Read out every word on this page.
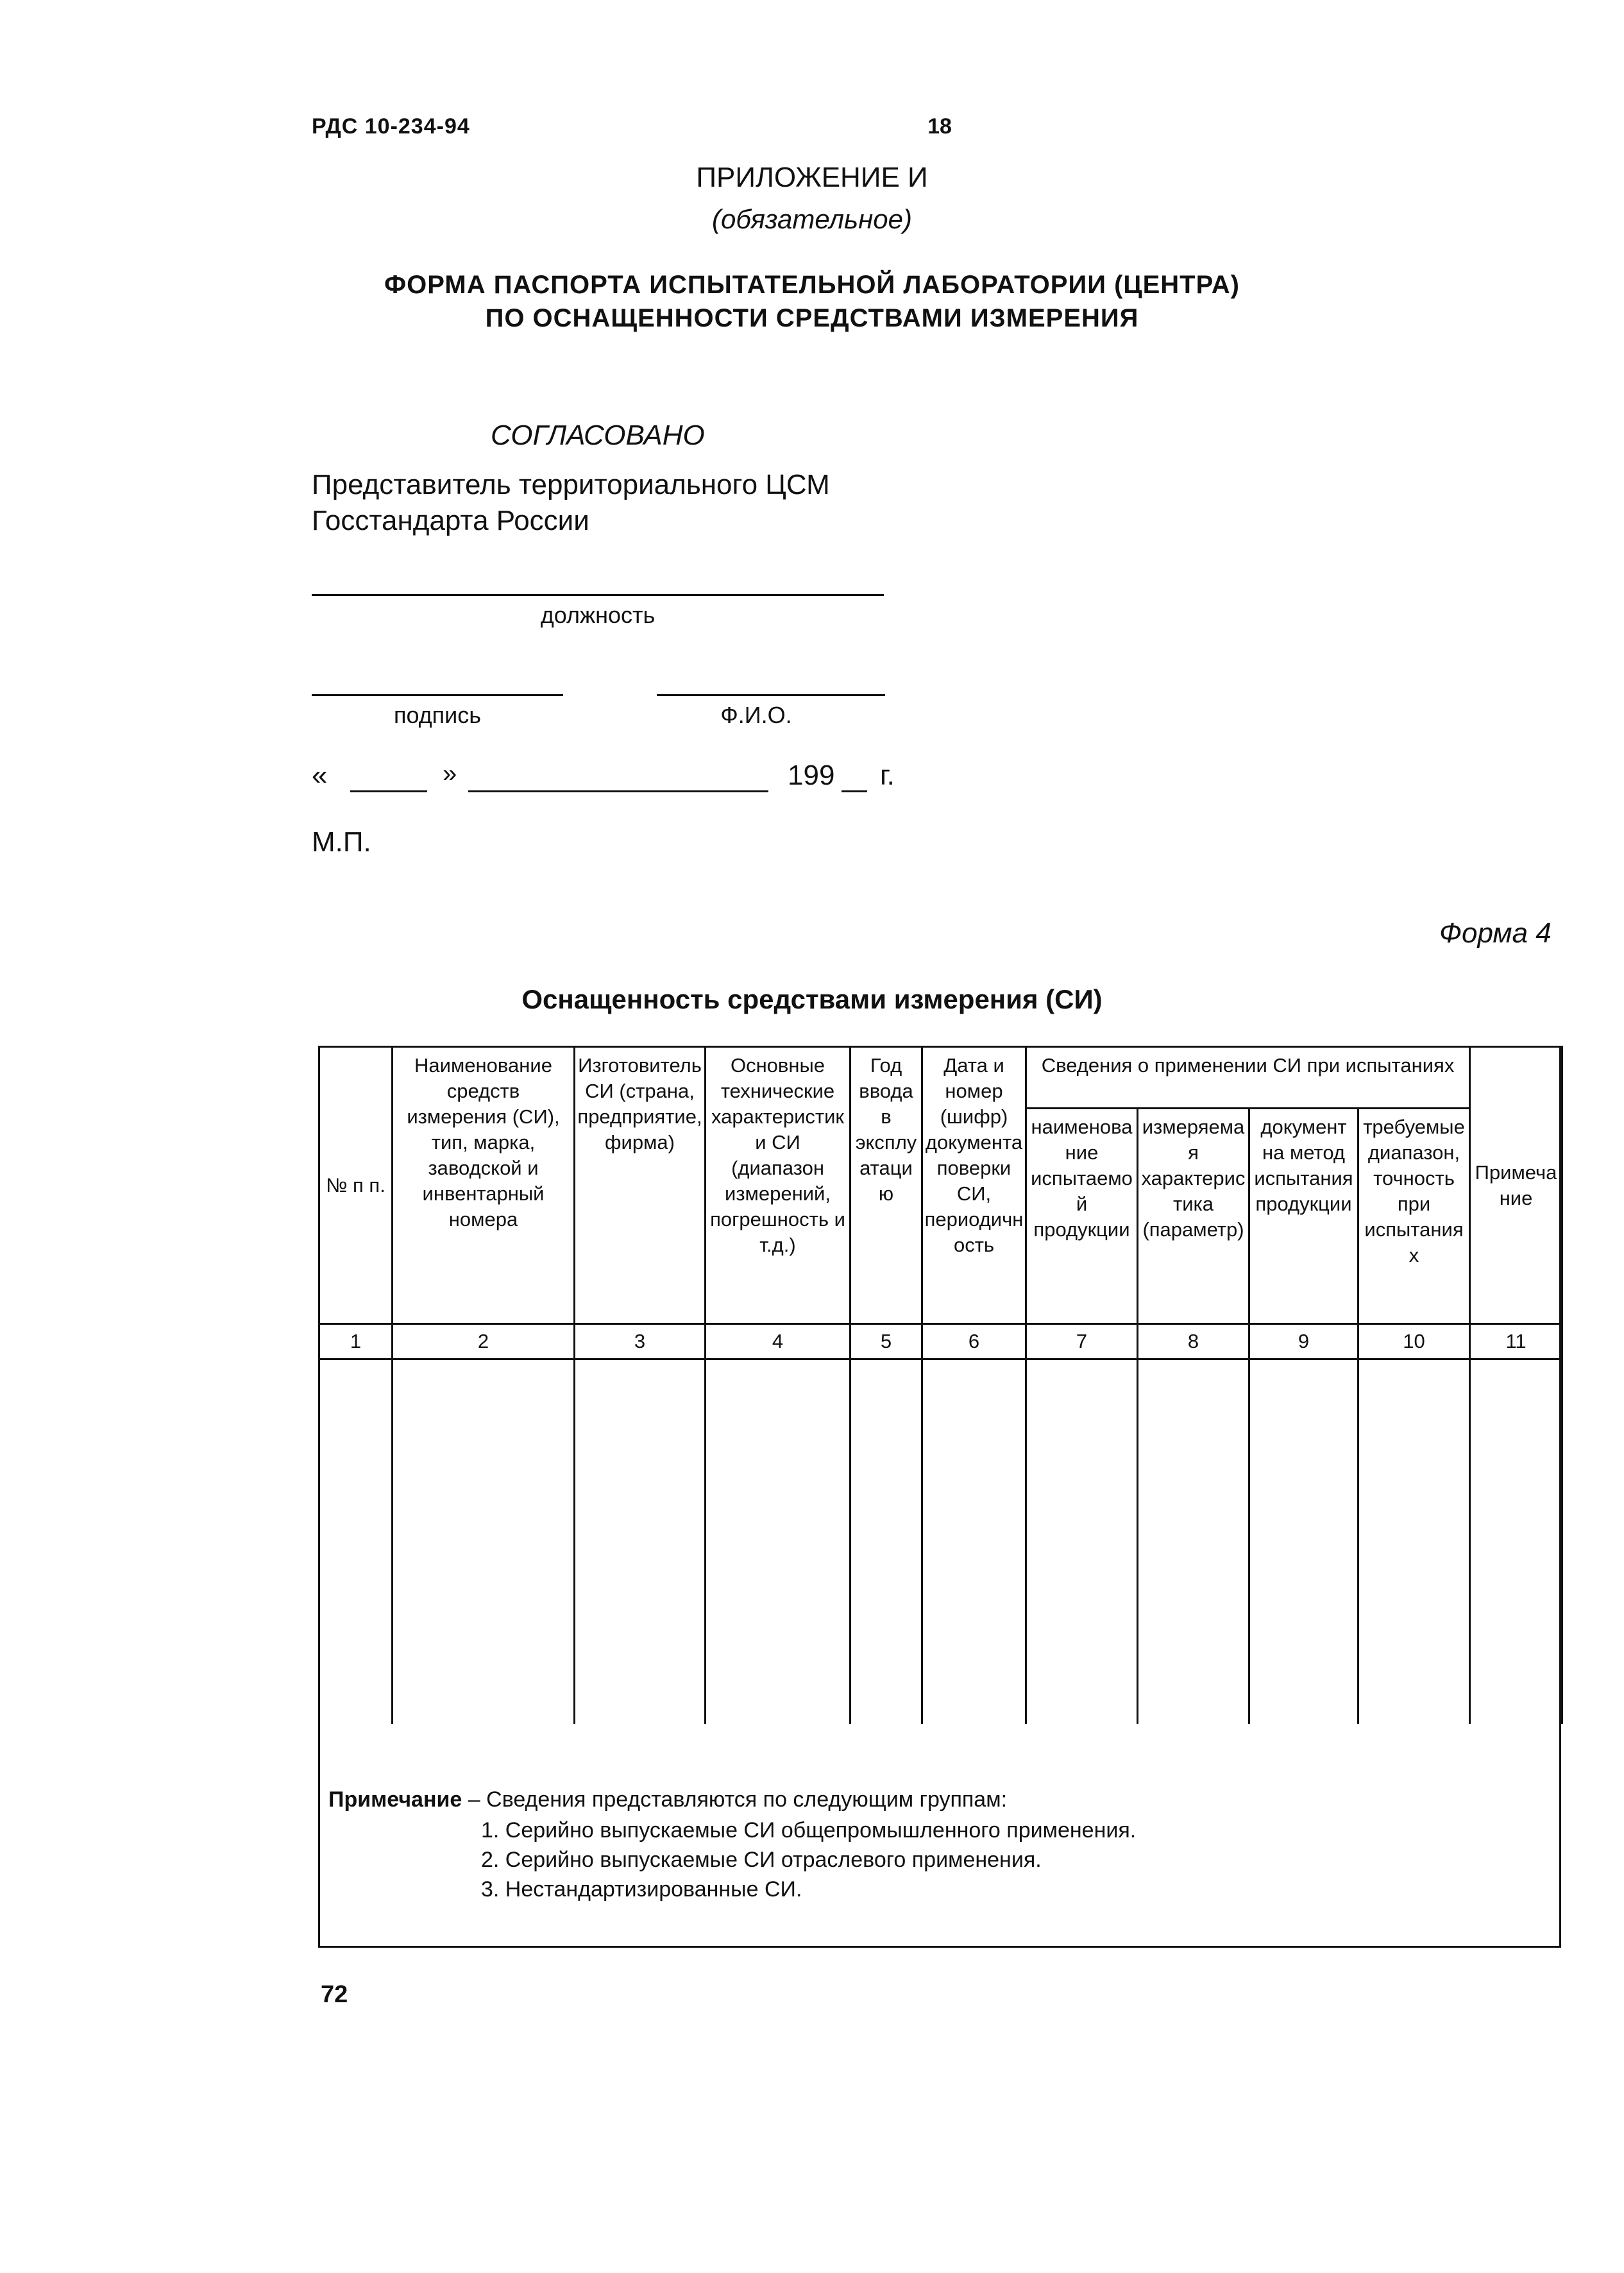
РДС 10-234-94	18
ПРИЛОЖЕНИЕ И
(обязательное)
ФОРМА ПАСПОРТА ИСПЫТАТЕЛЬНОЙ ЛАБОРАТОРИИ (ЦЕНТРА)
ПО ОСНАЩЕННОСТИ СРЕДСТВАМИ ИЗМЕРЕНИЯ
СОГЛАСОВАНО
Представитель территориального ЦСМ
Госстандарта России
должность
подпись	Ф.И.О.
«	»	199 г.
М.П.
Форма 4
Оснащенность средствами измерения (СИ)
№ п п.	Наименование средств измерения (СИ), тип, марка, заводской и инвентарный номера	Изготовитель СИ (страна, предприятие, фирма)	Основные технические характеристики СИ (диапазон измерений, погрешность и т.д.)	Год ввода в эксплуатацию	Дата и номер (шифр) документа поверки СИ, периодичность	Сведения о применении СИ при испытаниях				Примечание
						наименование испытаемой продукции	измеряемая характеристика (параметр)	документ на метод испытания продукции	требуемые диапазон, точность при испытаниях	
1	2	3	4	5	6	7	8	9	10	11

Примечание – Сведения представляются по следующим группам:
1. Серийно выпускаемые СИ общепромышленного применения.
2. Серийно выпускаемые СИ отраслевого применения.
3. Нестандартизированные СИ.
72
